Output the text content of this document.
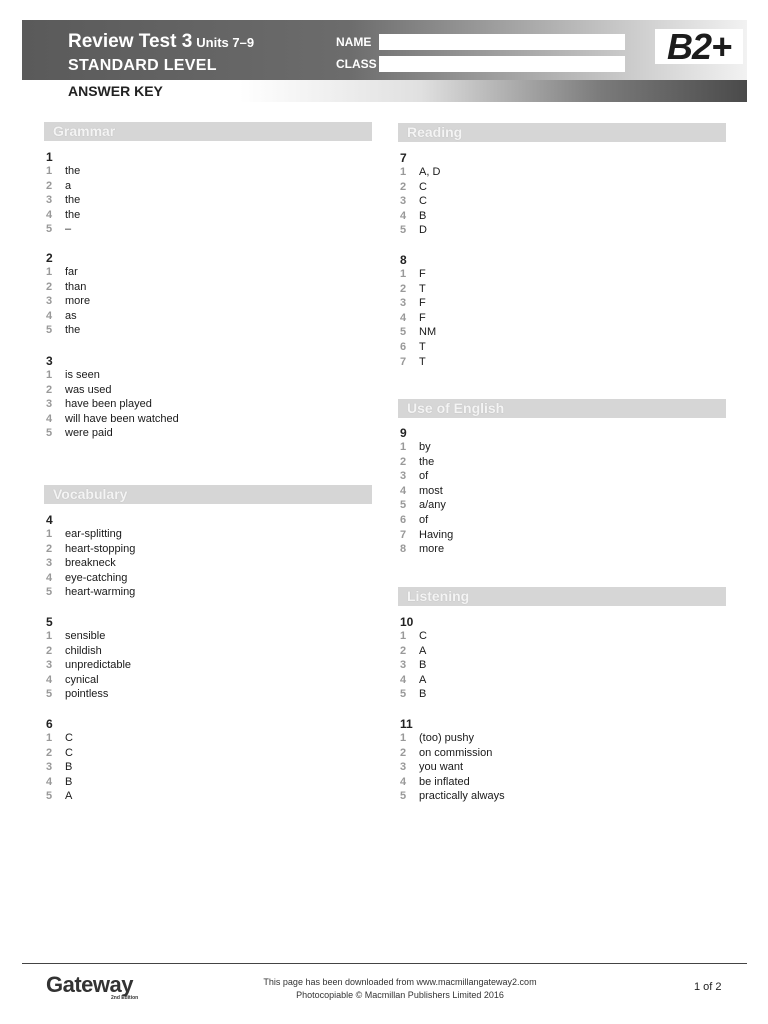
Review Test 3 Units 7–9
STANDARD LEVEL
NAME
CLASS	B2+
ANSWER KEY
Grammar
1
1	the
2	a
3	the
4	the
5	–
2
1	far
2	than
3	more
4	as
5	the
3
1	is seen
2	was used
3	have been played
4	will have been watched
5	were paid
Vocabulary
4
1	ear-splitting
2	heart-stopping
3	breakneck
4	eye-catching
5	heart-warming
5
1	sensible
2	childish
3	unpredictable
4	cynical
5	pointless
6
1	C
2	C
3	B
4	B
5	A
Reading
7
1	A, D
2	C
3	C
4	B
5	D
8
1	F
2	T
3	F
4	F
5	NM
6	T
7	T
Use of English
9
1	by
2	the
3	of
4	most
5	a/any
6	of
7	Having
8	more
Listening
10
1	C
2	A
3	B
4	A
5	B
11
1	(too) pushy
2	on commission
3	you want
4	be inflated
5	practically always
Gateway
2nd Edition
This page has been downloaded from www.macmillangateway2.com
Photocopiable © Macmillan Publishers Limited 2016
1 of 2
